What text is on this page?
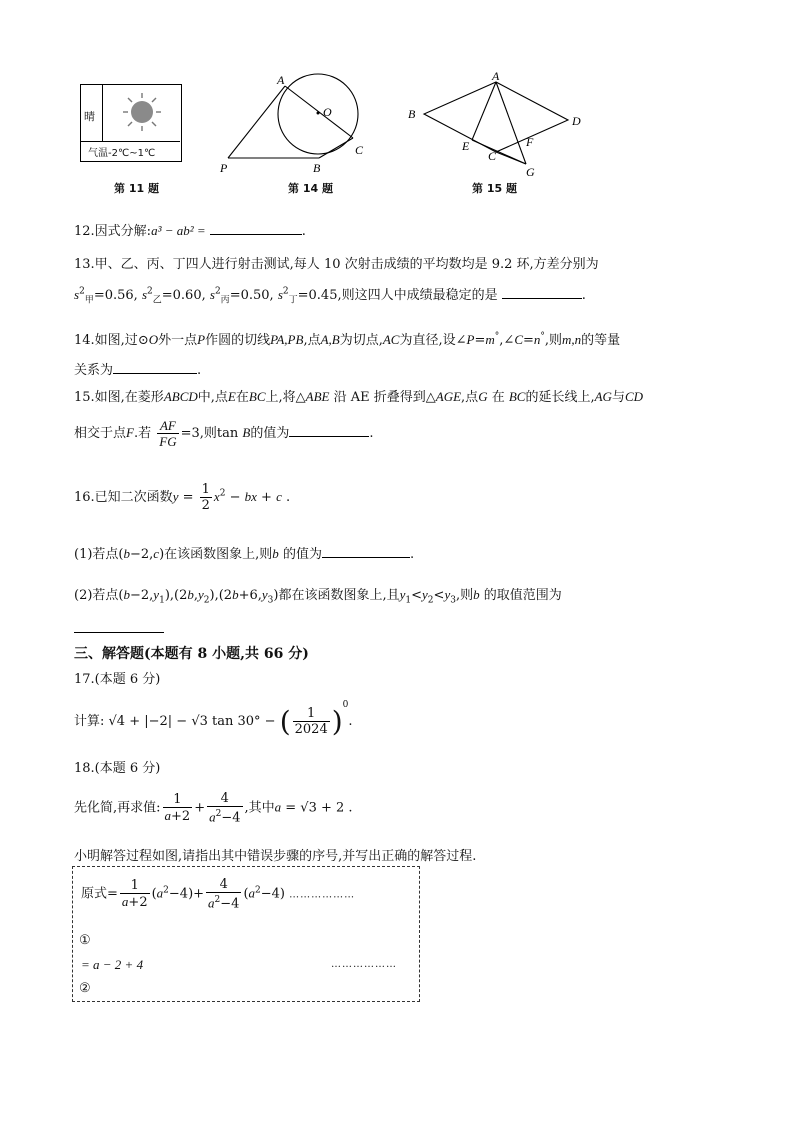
晴
气温-2℃~1℃
第 11 题
A
O
P	B
C
第 14 题
A
B	D
E
C
F
G
第 15 题
12.因式分解:a³ − ab² =	.
13.甲、乙、丙、丁四人进行射击测试,每人 10 次射击成绩的平均数均是 9.2 环,方差分别为
$s^2_甲=0.56$, $s^2_乙=0.60$, $s^2_丙=0.50$, $s^2_丁=0.45$,则这四人中成绩最稳定的是	.
14.如图,过⊙O外一点P作圆的切线PA,PB,点A,B为切点,AC为直径,设∠P=m°,∠C=n°,则m,n的等量
关系为	.
15.如图,在菱形ABCD中,点E在BC上,将△ABE 沿 AE 折叠得到△AGE,点G 在 BC的延长线上,AG与CD
相交于点F.若 $\frac{AF}{FG} =3$,则tan B的值为	.
16.已知二次函数$y = \frac{1}{2} x^2$ − bx + c .
(1)若点(b−2,c)在该函数图象上,则b 的值为	.
(2)若点$(b-2,y_1),(2b,y_2),(2b+6,y_3)$都在该函数图象上,且$y_1<y_2<y_3$,则b 的取值范围为
三、解答题(本题有 8 小题,共 66 分)
17.(本题 6 分)
计算: √4 + |−2| − √3 tan 30° − ( $\frac{1}{2024} )^0$.
18.(本题 6 分)
先化简,再求值: $\frac{1}{a+2} + \frac{4}{a^2-4}$ ,其中a = √3 + 2 .
小明解答过程如图,请指出其中错误步骤的序号,并写出正确的解答过程.
原式= $\frac{1}{a+2} (a^2-4)+ \frac{4}{a^2-4} (a^2-4)$ ………………
①
= a − 2 + 4	………………
②
